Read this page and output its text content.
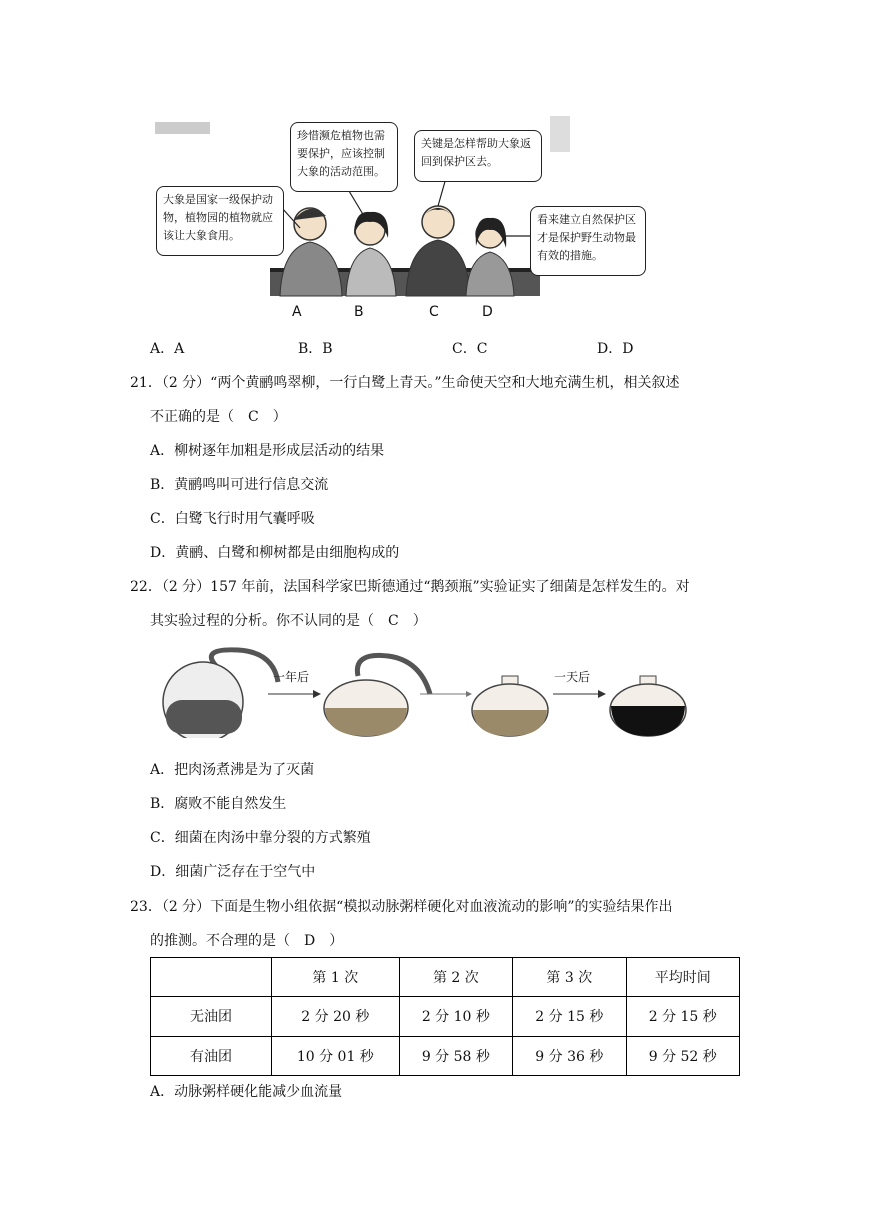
大象是国家一级保护动物，植物园的植物就应该让大象食用。
珍惜濒危植物也需要保护，应该控制大象的活动范围。
关键是怎样帮助大象返回到保护区去。
看来建立自然保护区才是保护野生动物最有效的措施。
A	B	C	D
A．A	B．B	C．C	D．D
21．（2 分）“两个黄鹂鸣翠柳，一行白鹭上青天。”生命使天空和大地充满生机，相关叙述
不正确的是（　C　）
A．柳树逐年加粗是形成层活动的结果
B．黄鹂鸣叫可进行信息交流
C．白鹭飞行时用气囊呼吸
D．黄鹂、白鹭和柳树都是由细胞构成的
22．（2 分）157 年前，法国科学家巴斯德通过“鹅颈瓶”实验证实了细菌是怎样发生的。对
其实验过程的分析。你不认同的是（　C　）
一年后	一天后
A．把肉汤煮沸是为了灭菌
B．腐败不能自然发生
C．细菌在肉汤中靠分裂的方式繁殖
D．细菌广泛存在于空气中
23．（2 分）下面是生物小组依据“模拟动脉粥样硬化对血液流动的影响”的实验结果作出
的推测。不合理的是（　D　）
	第 1 次	第 2 次	第 3 次	平均时间
无油团	2 分 20 秒	2 分 10 秒	2 分 15 秒	2 分 15 秒
有油团	10 分 01 秒	9 分 58 秒	9 分 36 秒	9 分 52 秒
A．动脉粥样硬化能减少血流量
